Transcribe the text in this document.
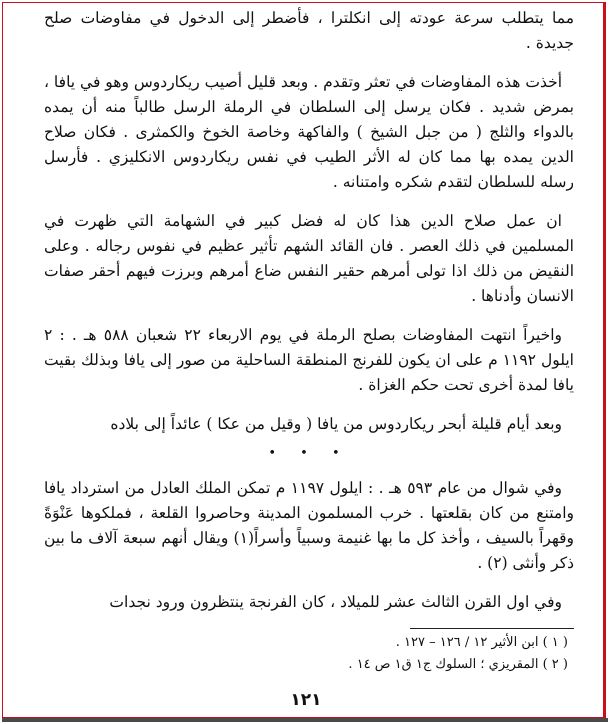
مما يتطلب سرعة عودته إلى انكلترا ، فأضطر إلى الدخول في مفاوضات صلح جديدة .

أخذت هذه المفاوضات في تعثر وتقدم . وبعد قليل أصيب ريكاردوس وهو في يافا ، بمرض شديد . فكان يرسل إلى السلطان في الرملة الرسل طالباً منه أن يمده بالدواء والثلج ( من جبل الشيخ ) والفاكهة وخاصة الخوخ والكمثرى . فكان صلاح الدين يمده بها مما كان له الأثر الطيب في نفس ريكاردوس الانكليزي . فأرسل رسله للسلطان لتقدم شكره وامتنانه .

ان عمل صلاح الدين هذا كان له فضل كبير في الشهامة التي ظهرت في المسلمين في ذلك العصر . فان القائد الشهم تأثير عظيم في نفوس رجاله . وعلى النقيض من ذلك اذا تولى أمرهم حقير النفس ضاع أمرهم وبرزت فيهم أحقر صفات الانسان وأدناها .

واخيراً انتهت المفاوضات بصلح الرملة في يوم الاربعاء ٢٢ شعبان ٥٨٨ هـ . : ٢ ايلول ١١٩٢ م على ان يكون للفرنج المنطقة الساحلية من صور إلى يافا وبذلك بقيت يافا لمدة أخرى تحت حكم الغزاة .

وبعد أيام قليلة أبحر ريكاردوس من يافا ( وقيل من عكا ) عائداً إلى بلاده

• • •

وفي شوال من عام ٥٩٣ هـ . : ايلول ١١٩٧ م تمكن الملك العادل من استرداد يافا وامتنع من كان بقلعتها . خرب المسلمون المدينة وحاصروا القلعة ، فملكوها عَنْوَةً وقهراً بالسيف ، وأخذ كل ما بها غنيمة وسبياً وأسراً(١) ويقال أنهم سبعة آلاف ما بين ذكر وأنثى (٢) .

وفي اول القرن الثالث عشر للميلاد ، كان الفرنجة ينتظرون ورود نجدات

( ١ ) ابن الأثير ١٢ / ١٢٦ – ١٢٧ .

( ٢ ) المقريزي ؛ السلوك ج١ ق١ ص ١٤ .

١٢١
